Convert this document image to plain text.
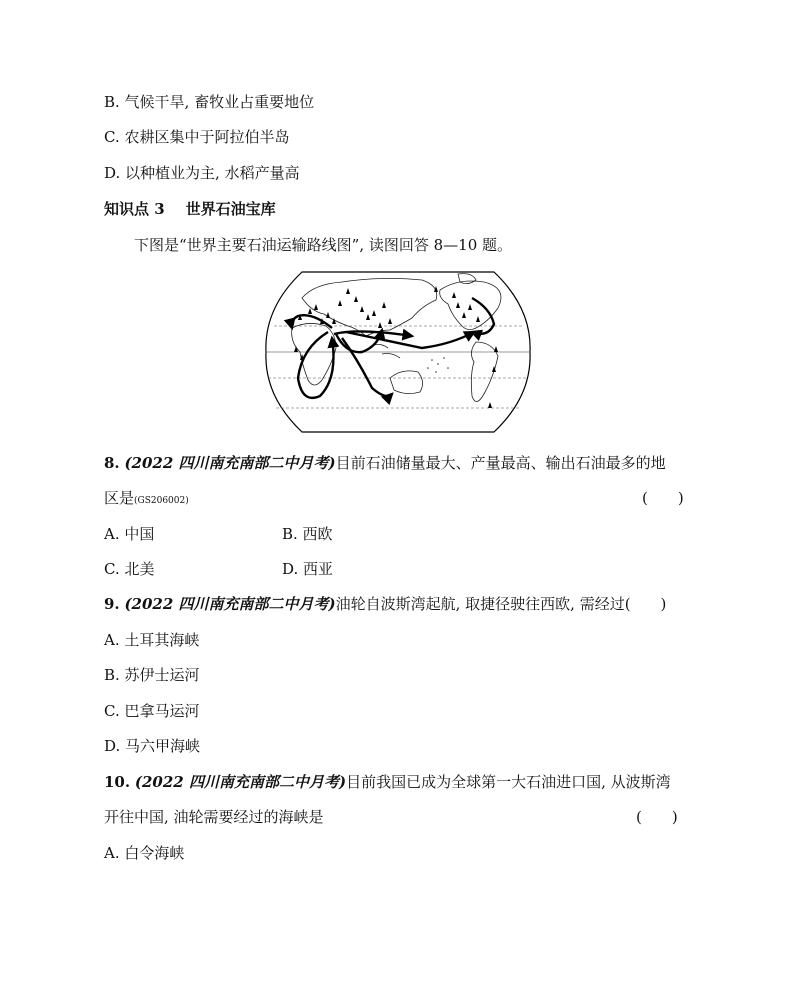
B. 气候干旱, 畜牧业占重要地位
C. 农耕区集中于阿拉伯半岛
D. 以种植业为主, 水稻产量高
知识点 3 世界石油宝库
下图是“世界主要石油运输路线图”, 读图回答 8—10 题。
8. (2022 四川南充南部二中月考)目前石油储量最大、产量最高、输出石油最多的地
区是(GS206002)	(　　)
A. 中国	B. 西欧
C. 北美	D. 西亚
9. (2022 四川南充南部二中月考)油轮自波斯湾起航, 取捷径驶往西欧, 需经过(　　)
A. 土耳其海峡
B. 苏伊士运河
C. 巴拿马运河
D. 马六甲海峡
10. (2022 四川南充南部二中月考)目前我国已成为全球第一大石油进口国, 从波斯湾
开往中国, 油轮需要经过的海峡是	(　　)
A. 白令海峡
